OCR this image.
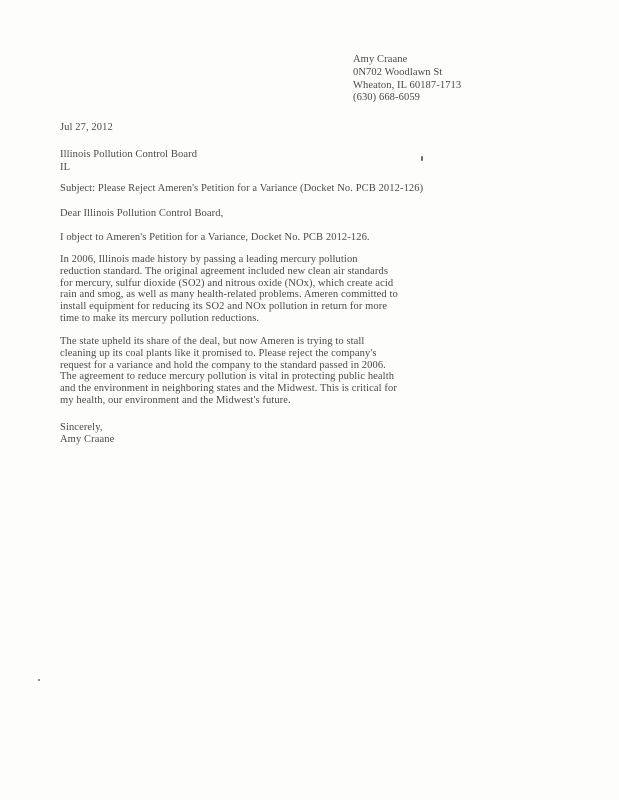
Amy Craane
0N702 Woodlawn St
Wheaton, IL 60187-1713
(630) 668-6059
Jul 27, 2012
Illinois Pollution Control Board
IL
Subject: Please Reject Ameren's Petition for a Variance (Docket No. PCB 2012-126)
Dear Illinois Pollution Control Board,
I object to Ameren's Petition for a Variance, Docket No. PCB 2012-126.
In 2006, Illinois made history by passing a leading mercury pollution reduction standard. The original agreement included new clean air standards for mercury, sulfur dioxide (SO2) and nitrous oxide (NOx), which create acid rain and smog, as well as many health-related problems. Ameren committed to install equipment for reducing its SO2 and NOx pollution in return for more time to make its mercury pollution reductions.
The state upheld its share of the deal, but now Ameren is trying to stall cleaning up its coal plants like it promised to. Please reject the company's request for a variance and hold the company to the standard passed in 2006. The agreement to reduce mercury pollution is vital in protecting public health and the environment in neighboring states and the Midwest. This is critical for my health, our environment and the Midwest's future.
Sincerely,
Amy Craane
